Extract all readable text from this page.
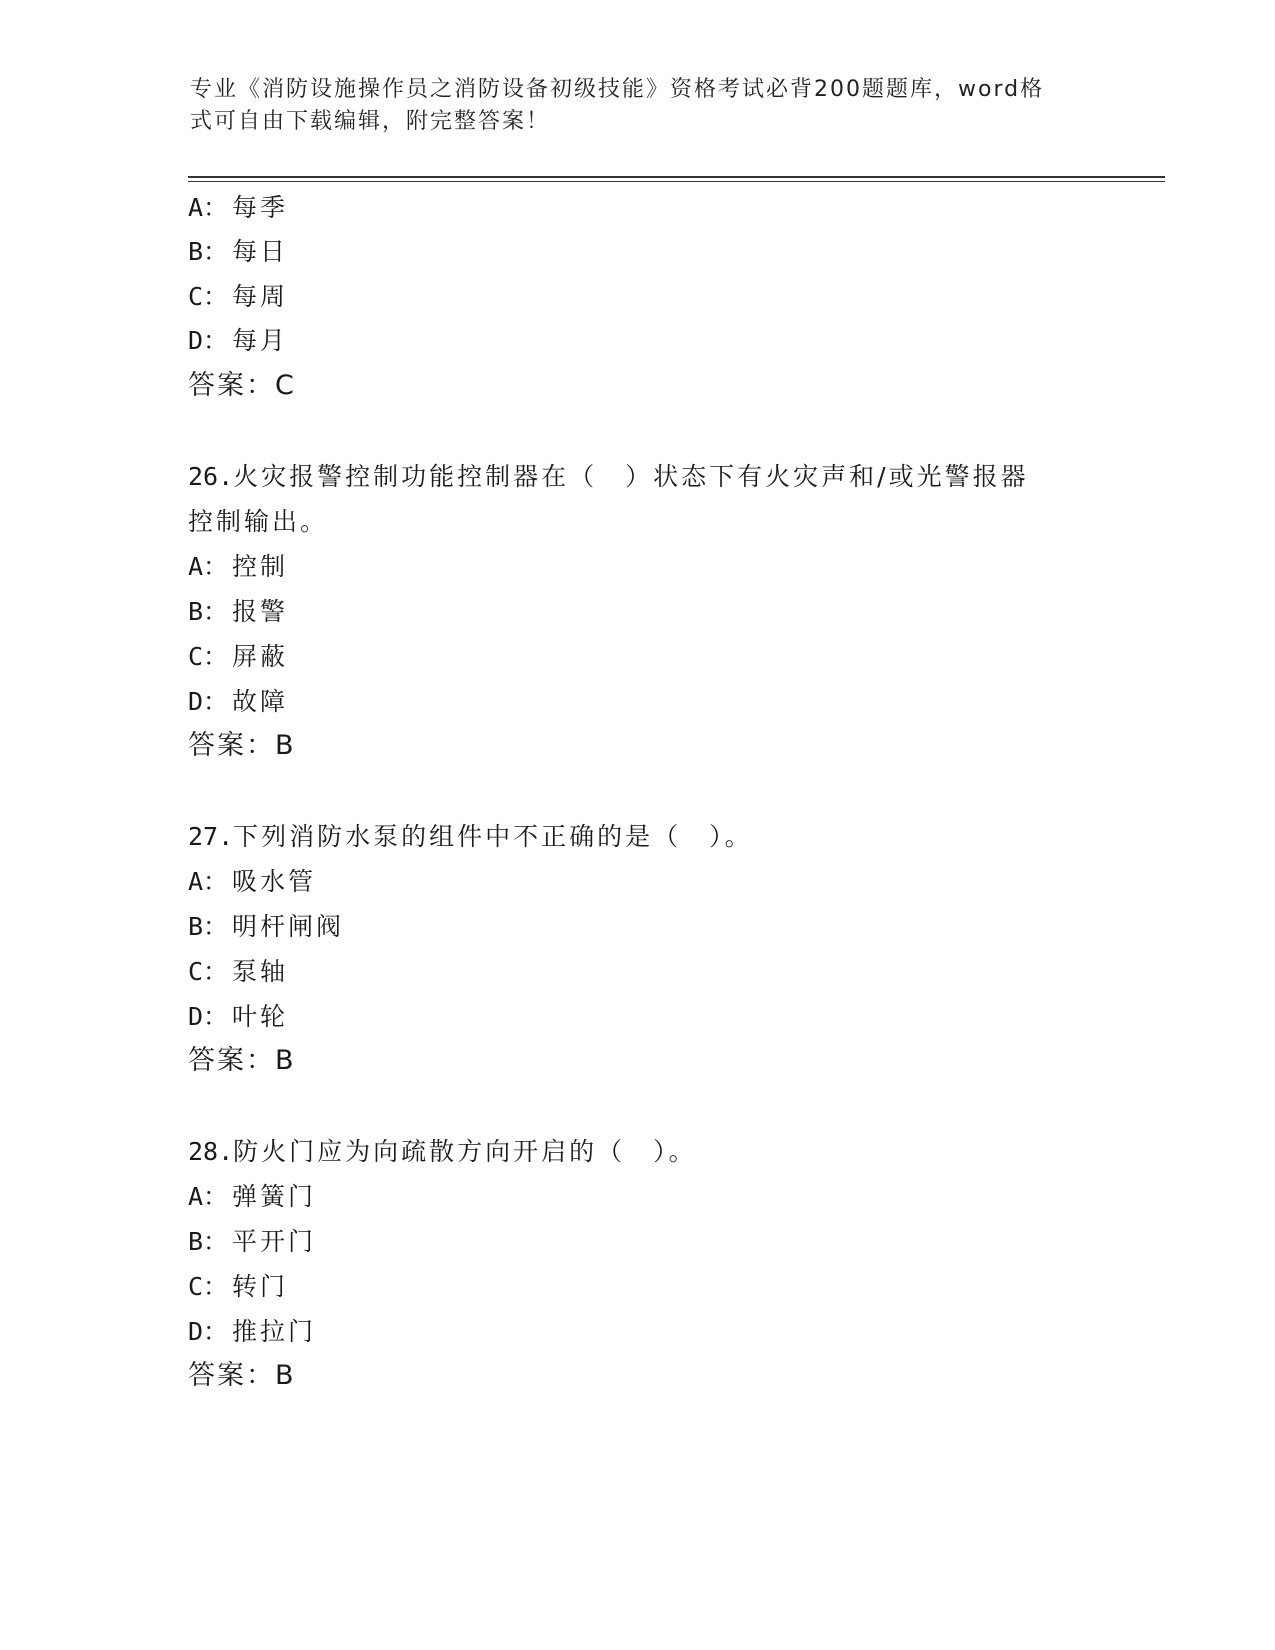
专业《消防设施操作员之消防设备初级技能》资格考试必背200题题库，word格
式可自由下载编辑，附完整答案！
A： 每季
B： 每日
C： 每周
D： 每月
答案：C
26.火灾报警控制功能控制器在（　）状态下有火灾声和/或光警报器
控制输出。
A： 控制
B： 报警
C： 屏蔽
D： 故障
答案：B
27.下列消防水泵的组件中不正确的是（　）。
A： 吸水管
B： 明杆闸阀
C： 泵轴
D： 叶轮
答案：B
28.防火门应为向疏散方向开启的（　）。
A： 弹簧门
B： 平开门
C： 转门
D： 推拉门
答案：B
